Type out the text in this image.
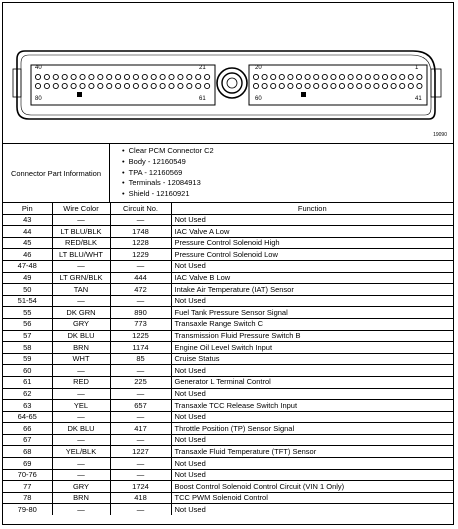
40	21
80	61
20	1
60	41
19090
Connector Part Information
• Clear PCM Connector C2
• Body - 12160549
• TPA - 12160569
• Terminals - 12084913
• Shield - 12160921
Pin	Wire Color	Circuit No.	Function
43	—	—	Not Used
44	LT BLU/BLK	1748	IAC Valve A Low
45	RED/BLK	1228	Pressure Control Solenoid High
46	LT BLU/WHT	1229	Pressure Control Solenoid Low
47-48	—	—	Not Used
49	LT GRN/BLK	444	IAC Valve B Low
50	TAN	472	Intake Air Temperature (IAT) Sensor
51-54	—	—	Not Used
55	DK GRN	890	Fuel Tank Pressure Sensor Signal
56	GRY	773	Transaxle Range Switch C
57	DK BLU	1225	Transmission Fluid Pressure Switch B
58	BRN	1174	Engine Oil Level Switch Input
59	WHT	85	Cruise Status
60	—	—	Not Used
61	RED	225	Generator L Terminal Control
62	—	—	Not Used
63	YEL	657	Transaxle TCC Release Switch Input
64-65	—	—	Not Used
66	DK BLU	417	Throttle Position (TP) Sensor Signal
67	—	—	Not Used
68	YEL/BLK	1227	Transaxle Fluid Temperature (TFT) Sensor
69	—	—	Not Used
70-76	—	—	Not Used
77	GRY	1724	Boost Control Solenoid Control Circuit (VIN 1 Only)
78	BRN	418	TCC PWM Solenoid Control
79-80	—	—	Not Used
